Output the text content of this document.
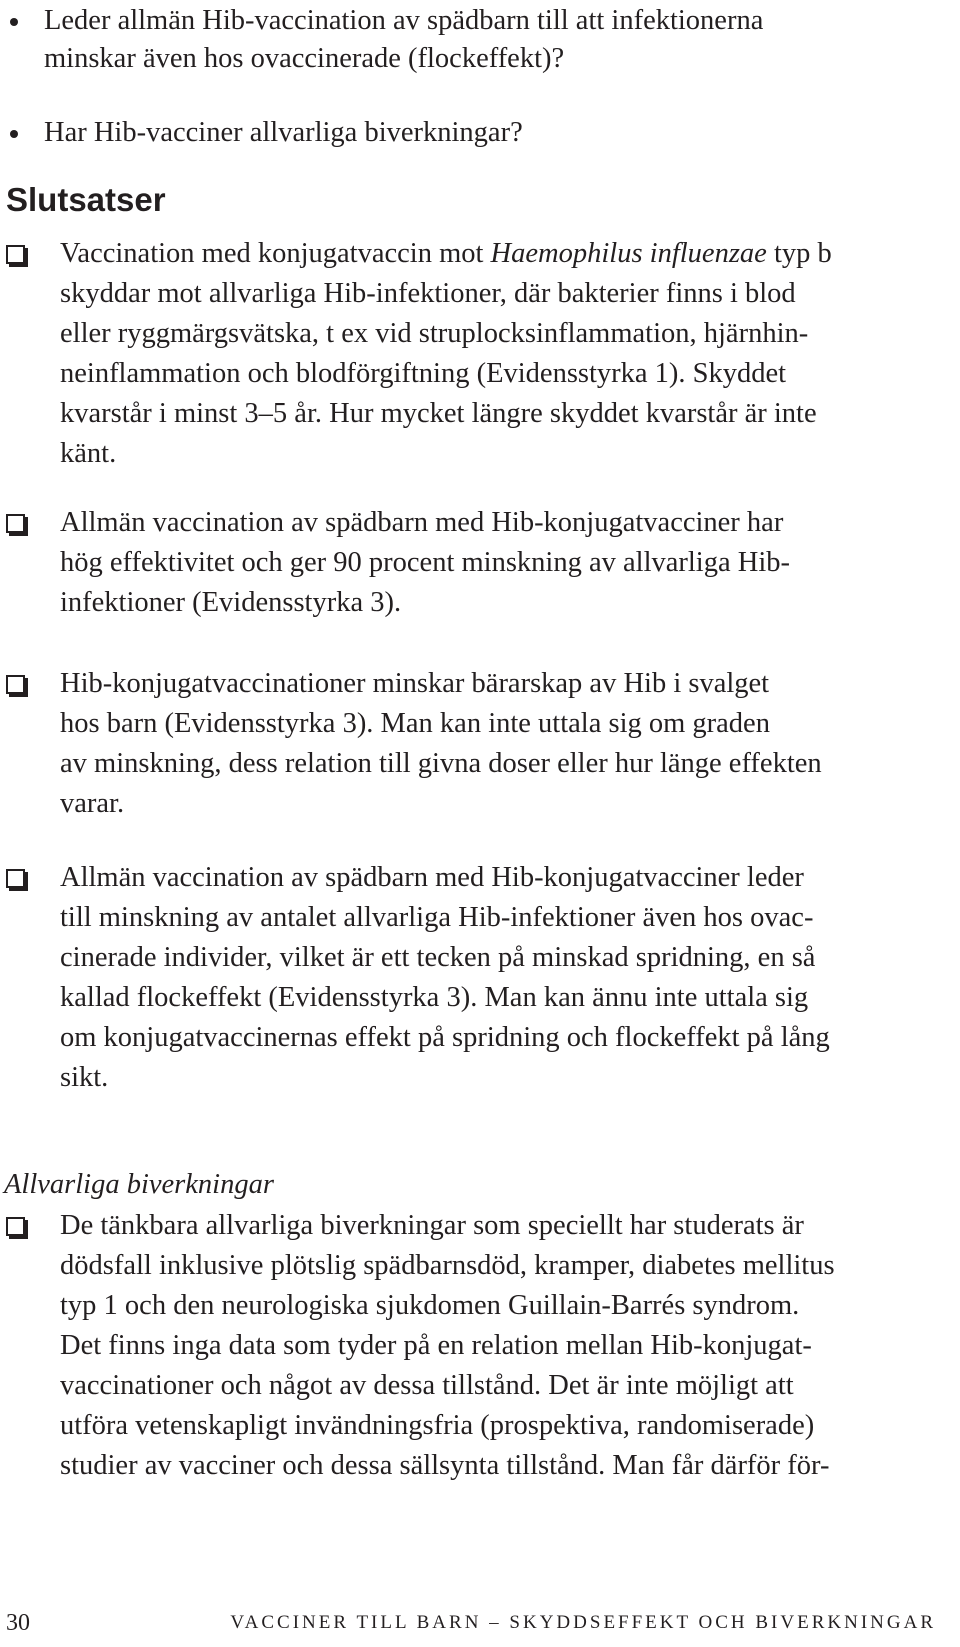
Leder allmän Hib-vaccination av spädbarn till att infektionerna
minskar även hos ovaccinerade (flockeffekt)?
Har Hib-vacciner allvarliga biverkningar?
Slutsatser
Vaccination med konjugatvaccin mot Haemophilus influenzae typ b
skyddar mot allvarliga Hib-infektioner, där bakterier finns i blod
eller ryggmärgsvätska, t ex vid struplocksinflammation, hjärnhin-
neinflammation och blodförgiftning (Evidensstyrka 1). Skyddet
kvarstår i minst 3–5 år. Hur mycket längre skyddet kvarstår är inte
känt.
Allmän vaccination av spädbarn med Hib-konjugatvacciner har
hög effektivitet och ger 90 procent minskning av allvarliga Hib-
infektioner (Evidensstyrka 3).
Hib-konjugatvaccinationer minskar bärarskap av Hib i svalget
hos barn (Evidensstyrka 3). Man kan inte uttala sig om graden
av minskning, dess relation till givna doser eller hur länge effekten
varar.
Allmän vaccination av spädbarn med Hib-konjugatvacciner leder
till minskning av antalet allvarliga Hib-infektioner även hos ovac-
cinerade individer, vilket är ett tecken på minskad spridning, en så
kallad flockeffekt (Evidensstyrka 3). Man kan ännu inte uttala sig
om konjugatvaccinernas effekt på spridning och flockeffekt på lång
sikt.
Allvarliga biverkningar
De tänkbara allvarliga biverkningar som speciellt har studerats är
dödsfall inklusive plötslig spädbarnsdöd, kramper, diabetes mellitus
typ 1 och den neurologiska sjukdomen Guillain-Barrés syndrom.
Det finns inga data som tyder på en relation mellan Hib-konjugat-
vaccinationer och något av dessa tillstånd. Det är inte möjligt att
utföra vetenskapligt invändningsfria (prospektiva, randomiserade)
studier av vacciner och dessa sällsynta tillstånd. Man får därför för-
30	VACCINER TILL BARN – SKYDDSEFFEKT OCH BIVERKNINGAR
